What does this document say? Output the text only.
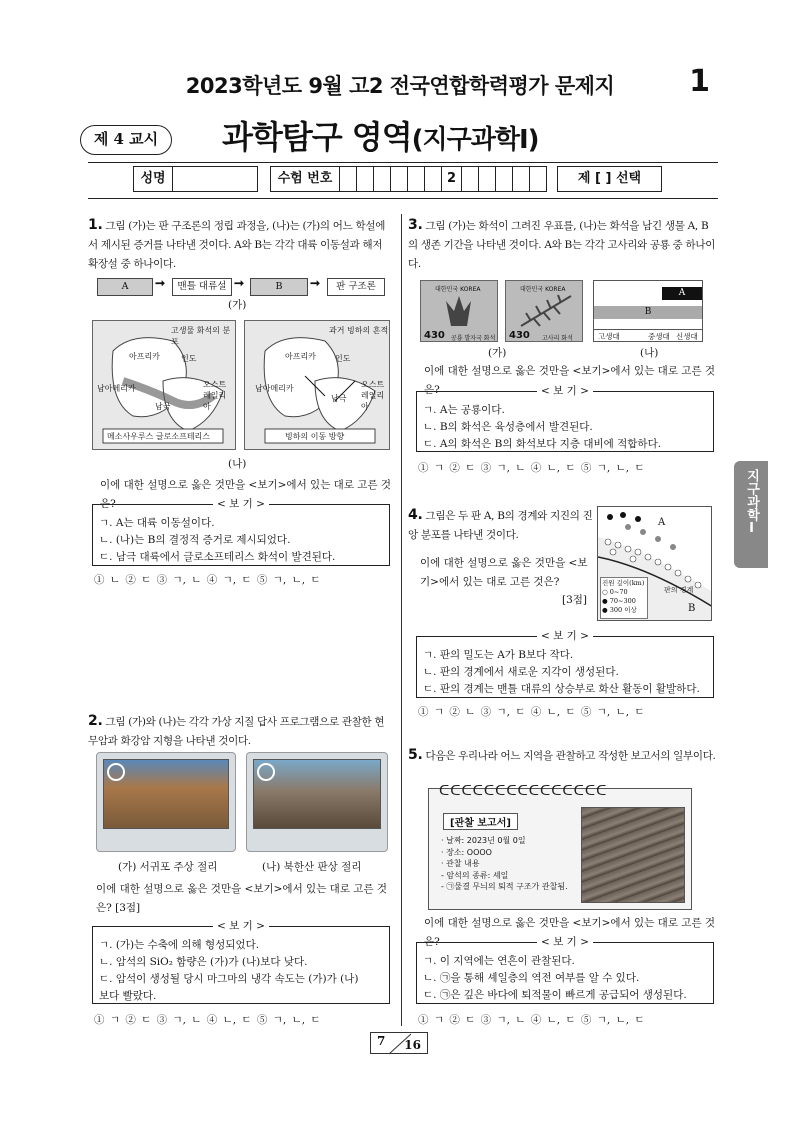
2023학년도 9월 고2 전국연합학력평가 문제지	1
제 4 교시	과학탐구 영역(지구과학Ⅰ)
성명	수험 번호	2	제 [ ] 선택
1. 그림 (가)는 판 구조론의 정립 과정을, (나)는 (가)의 어느 학설에서 제시된 증거를 나타낸 것이다. A와 B는 각각 대륙 이동설과 해저 확장설 중 하나이다.
A	➞	맨틀 대류설 ➞	B	➞	판 구조론
(가)
고생물 화석의 분포
아프리카	인도
남아메리카
남극
오스트레일리아
메소사우루스 글로소프테리스
과거 빙하의 흔적
아프리카 인도
남아메리카
남극
오스트레일리아
빙하의 이동 방향
(나)
이에 대한 설명으로 옳은 것만을 <보기>에서 있는 대로 고른 것은?	< 보 기 >
ㄱ. A는 대륙 이동설이다.
ㄴ. (나)는 B의 결정적 증거로 제시되었다.
ㄷ. 남극 대륙에서 글로소프테리스 화석이 발견된다.
① ㄴ ② ㄷ ③ ㄱ, ㄴ ④ ㄱ, ㄷ ⑤ ㄱ, ㄴ, ㄷ
2. 그림 (가)와 (나)는 각각 가상 지질 답사 프로그램으로 관찰한 현무암과 화강암 지형을 나타낸 것이다.
(가) 서귀포 주상 절리	(나) 북한산 판상 절리
이에 대한 설명으로 옳은 것만을 <보기>에서 있는 대로 고른 것은? [3점]
< 보 기 >
ㄱ. (가)는 수축에 의해 형성되었다.
ㄴ. 암석의 SiO₂ 함량은 (가)가 (나)보다 낮다.
ㄷ. 암석이 생성될 당시 마그마의 냉각 속도는 (가)가 (나)
보다 빨랐다.
① ㄱ ② ㄷ ③ ㄱ, ㄴ ④ ㄴ, ㄷ ⑤ ㄱ, ㄴ, ㄷ
3. 그림 (가)는 화석이 그려진 우표를, (나)는 화석을 남긴 생물 A, B의 생존 기간을 나타낸 것이다. A와 B는 각각 고사리와 공룡 중 하나이다.
대한민국 KOREA
430 공룡 발자국 화석
대한민국 KOREA
430 고사리 화석
A
B
고생대	중생대 신생대
(가)	(나)
이에 대한 설명으로 옳은 것만을 <보기>에서 있는 대로 고른 것은?	< 보 기 >
ㄱ. A는 공룡이다.
ㄴ. B의 화석은 육성층에서 발견된다.
ㄷ. A의 화석은 B의 화석보다 지층 대비에 적합하다.
① ㄱ ② ㄷ ③ ㄱ, ㄴ ④ ㄴ, ㄷ ⑤ ㄱ, ㄴ, ㄷ
4. 그림은 두 판 A, B의 경계와 지진의 진앙 분포를 나타낸 것이다.
이에 대한 설명으로 옳은 것만을 <보기>에서 있는 대로 고른 것은?
[3점]
A
B
판의 경계
진원 깊이(km)
○ 0~70
● 70~300
● 300 이상
< 보 기 >
ㄱ. 판의 밀도는 A가 B보다 작다.
ㄴ. 판의 경계에서 새로운 지각이 생성된다.
ㄷ. 판의 경계는 맨틀 대류의 상승부로 화산 활동이 활발하다.
① ㄱ ② ㄴ ③ ㄱ, ㄷ ④ ㄴ, ㄷ ⑤ ㄱ, ㄴ, ㄷ
5. 다음은 우리나라 어느 지역을 관찰하고 작성한 보고서의 일부이다.
ᑕᑕᑕᑕᑕᑕᑕᑕᑕᑕᑕᑕᑕᑕᑕ
[관찰 보고서]
· 날짜: 2023년 0월 0일
· 장소: OOOO
· 관찰 내용
- 암석의 종류: 셰일
- ㉠물결 무늬의 퇴적 구조가 관찰됨.
이에 대한 설명으로 옳은 것만을 <보기>에서 있는 대로 고른 것은?	< 보 기 >
ㄱ. 이 지역에는 연흔이 관찰된다.
ㄴ. ㉠을 통해 셰일층의 역전 여부를 알 수 있다.
ㄷ. ㉠은 깊은 바다에 퇴적물이 빠르게 공급되어 생성된다.
① ㄱ ② ㄷ ③ ㄱ, ㄴ ④ ㄴ, ㄷ ⑤ ㄱ, ㄴ, ㄷ
지구과학Ⅰ
7 16
